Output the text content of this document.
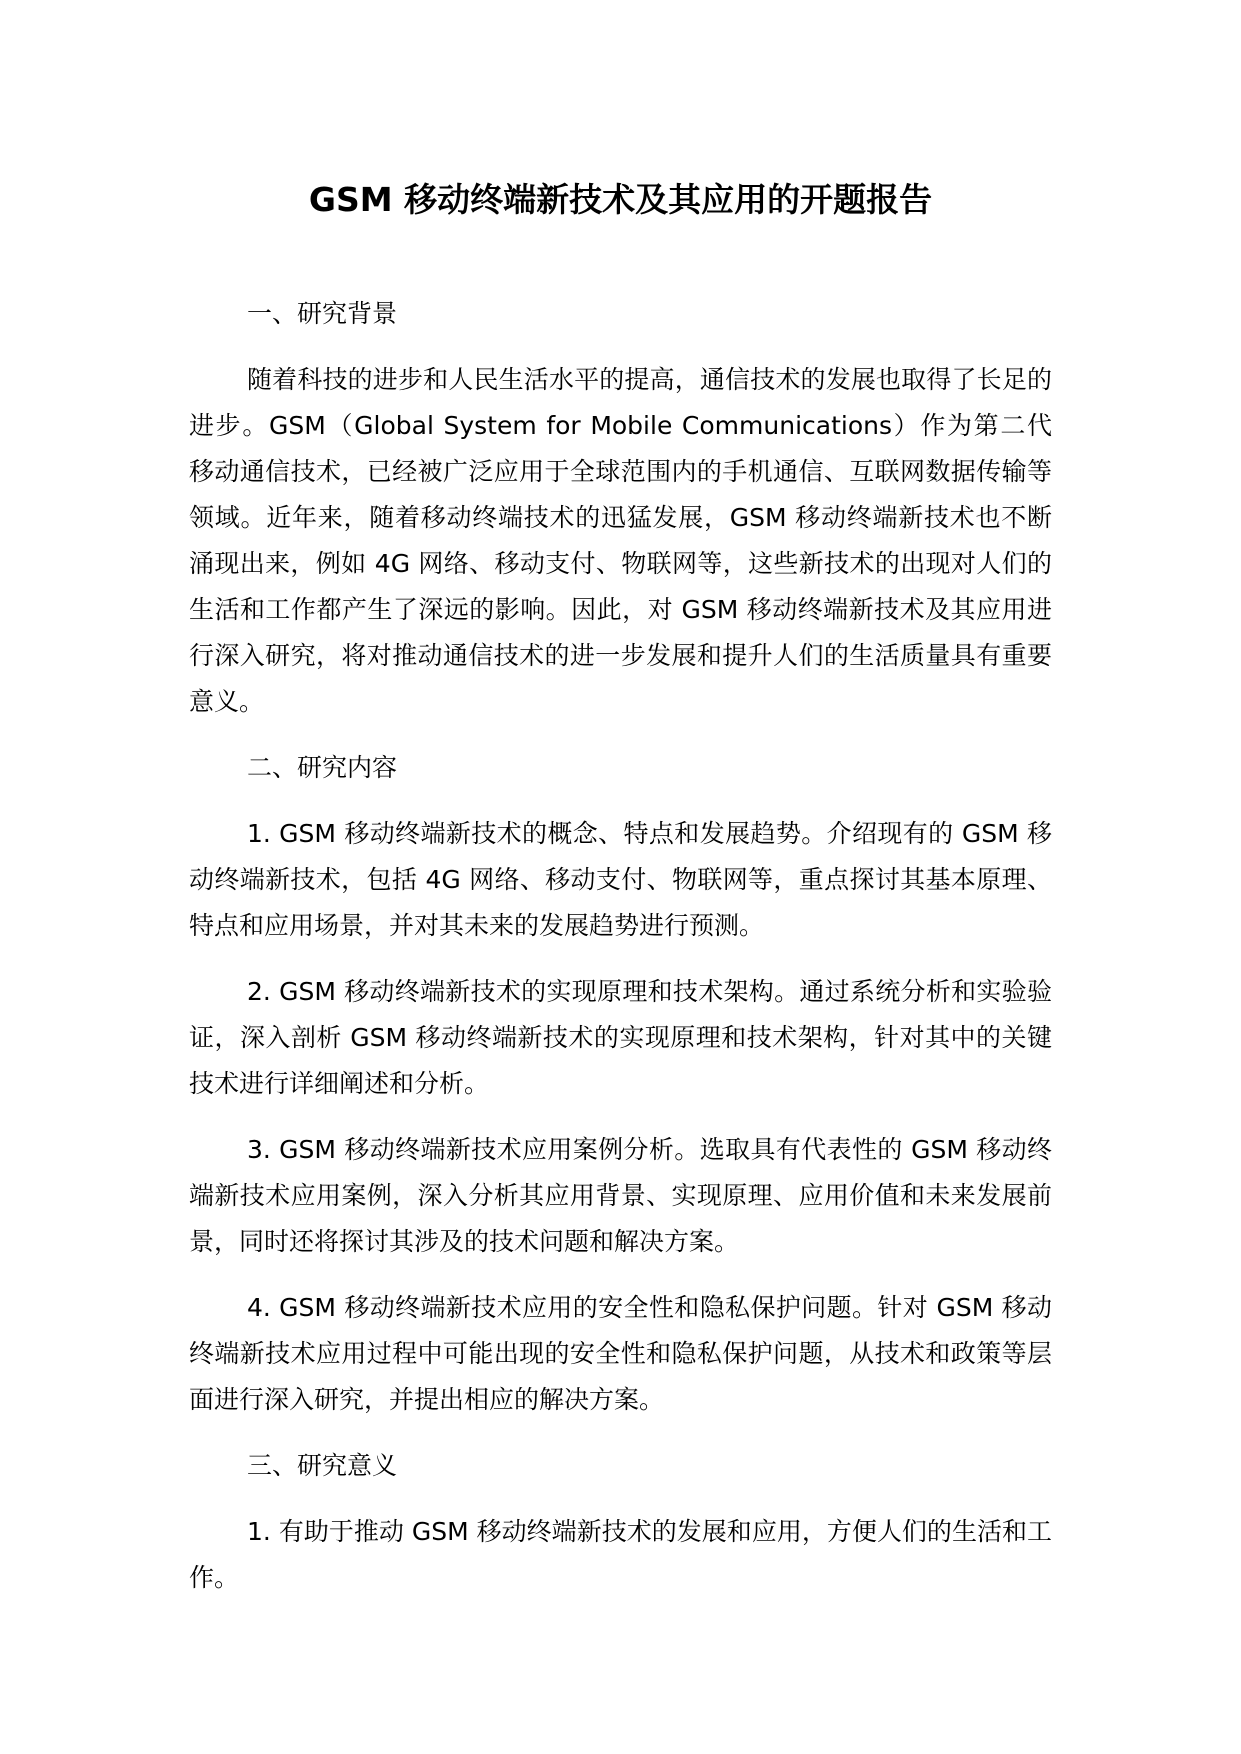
GSM 移动终端新技术及其应用的开题报告

一、研究背景

随着科技的进步和人民生活水平的提高，通信技术的发展也取得了长足的进步。GSM（Global System for Mobile Communications）作为第二代移动通信技术，已经被广泛应用于全球范围内的手机通信、互联网数据传输等领域。近年来，随着移动终端技术的迅猛发展，GSM 移动终端新技术也不断涌现出来，例如 4G 网络、移动支付、物联网等，这些新技术的出现对人们的生活和工作都产生了深远的影响。因此，对 GSM 移动终端新技术及其应用进行深入研究，将对推动通信技术的进一步发展和提升人们的生活质量具有重要意义。

二、研究内容

1. GSM 移动终端新技术的概念、特点和发展趋势。介绍现有的 GSM 移动终端新技术，包括 4G 网络、移动支付、物联网等，重点探讨其基本原理、特点和应用场景，并对其未来的发展趋势进行预测。

2. GSM 移动终端新技术的实现原理和技术架构。通过系统分析和实验验证，深入剖析 GSM 移动终端新技术的实现原理和技术架构，针对其中的关键技术进行详细阐述和分析。

3. GSM 移动终端新技术应用案例分析。选取具有代表性的 GSM 移动终端新技术应用案例，深入分析其应用背景、实现原理、应用价值和未来发展前景，同时还将探讨其涉及的技术问题和解决方案。

4. GSM 移动终端新技术应用的安全性和隐私保护问题。针对 GSM 移动终端新技术应用过程中可能出现的安全性和隐私保护问题，从技术和政策等层面进行深入研究，并提出相应的解决方案。

三、研究意义

1. 有助于推动 GSM 移动终端新技术的发展和应用，方便人们的生活和工作。
